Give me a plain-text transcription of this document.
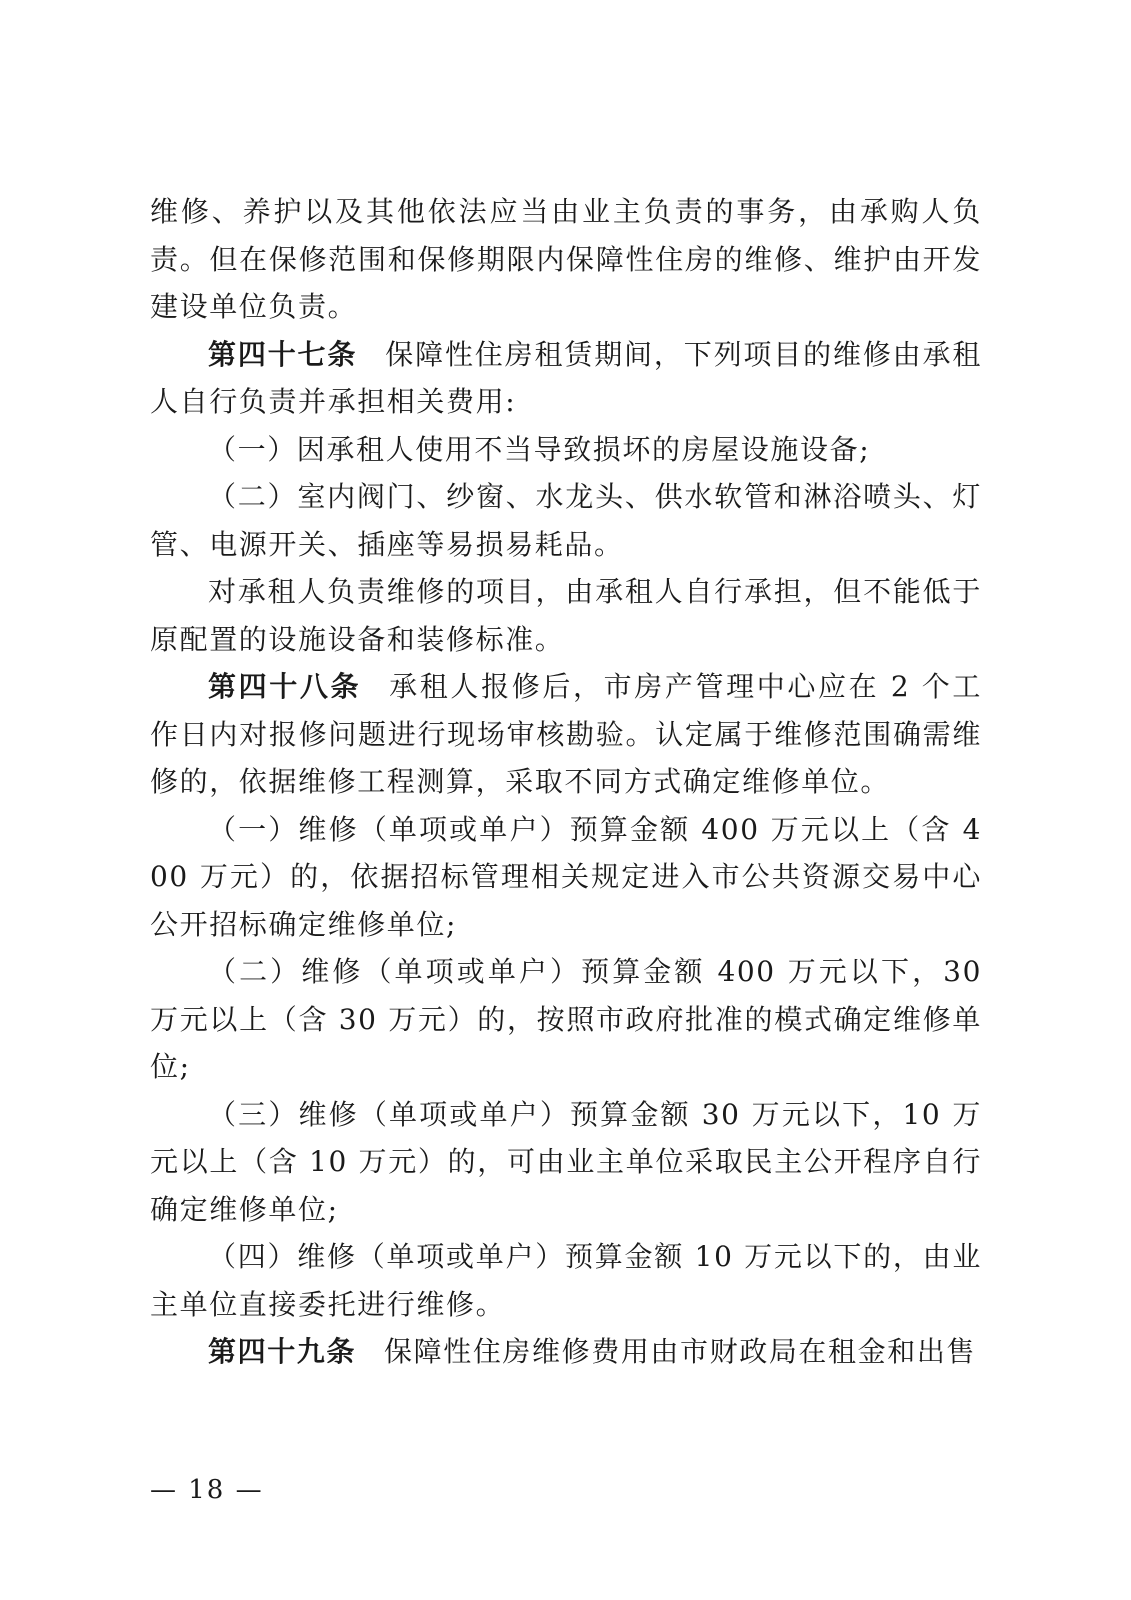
维修、养护以及其他依法应当由业主负责的事务，由承购人负责。但在保修范围和保修期限内保障性住房的维修、维护由开发建设单位负责。

第四十七条 保障性住房租赁期间，下列项目的维修由承租人自行负责并承担相关费用:

（一）因承租人使用不当导致损坏的房屋设施设备;

（二）室内阀门、纱窗、水龙头、供水软管和淋浴喷头、灯管、电源开关、插座等易损易耗品。

对承租人负责维修的项目，由承租人自行承担，但不能低于原配置的设施设备和装修标准。

第四十八条 承租人报修后，市房产管理中心应在 2 个工作日内对报修问题进行现场审核勘验。认定属于维修范围确需维修的，依据维修工程测算，采取不同方式确定维修单位。

（一）维修（单项或单户）预算金额 400 万元以上（含 400 万元）的，依据招标管理相关规定进入市公共资源交易中心公开招标确定维修单位;

（二）维修（单项或单户）预算金额 400 万元以下，30 万元以上（含 30 万元）的，按照市政府批准的模式确定维修单位;

（三）维修（单项或单户）预算金额 30 万元以下，10 万元以上（含 10 万元）的，可由业主单位采取民主公开程序自行确定维修单位;

（四）维修（单项或单户）预算金额 10 万元以下的，由业主单位直接委托进行维修。

第四十九条 保障性住房维修费用由市财政局在租金和出售

— 18 —
